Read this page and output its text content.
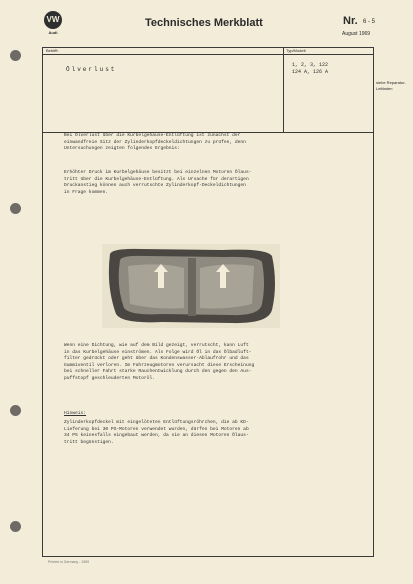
VW
Audi
Technisches Merkblatt	Nr. 6 - 5
August 1969
Betrifft:	Typ/Modell:
Ölverlust
1, 2, 3, 122
124 A, 126 A
siehe Reparatur-Leitfaden
Bei Ölverlust über die Kurbelgehäuse-Entlüftung ist zunächst der
einwandfreie Sitz der Zylinderkopfdeckeldichtungen zu prüfen, denn
Untersuchungen zeigten folgendes Ergebnis:
Erhöhter Druck im Kurbelgehäuse besitzt bei einzelnen Motoren Ölaus-
tritt über die Kurbelgehäuse-Entlüftung. Als Ursache für derartigen
Druckanstieg können auch verrutschte Zylinderkopf-Deckeldichtungen
in Frage kommen.
Wenn eine Dichtung, wie auf dem Bild gezeigt, verrutscht, kann Luft
in das Kurbelgehäuse einströmen. Als Folge wird Öl in das Ölbadluft-
filter gedrückt oder geht über das Kondenswasser-Ablaufrohr und das
Gummiventil verloren. Im Fahrzeugmotoren verursacht diese Erscheinung
bei schneller Fahrt starke Rauchentwicklung durch den gegen den Aus-
puffstopf geschleuderten Motoröl.
Hinweis:
Zylinderkopfdeckel mit eingelöteten Entlüftungsröhrchen, die ab KD-
Lieferung bei 30 PS-Motoren verwendet wurden, dürfen bei Motoren ab
34 PS keinesfalls eingebaut werden, da sie an diesen Motoren Ölaus-
tritt begünstigen.
Printed in Germany - 1969
